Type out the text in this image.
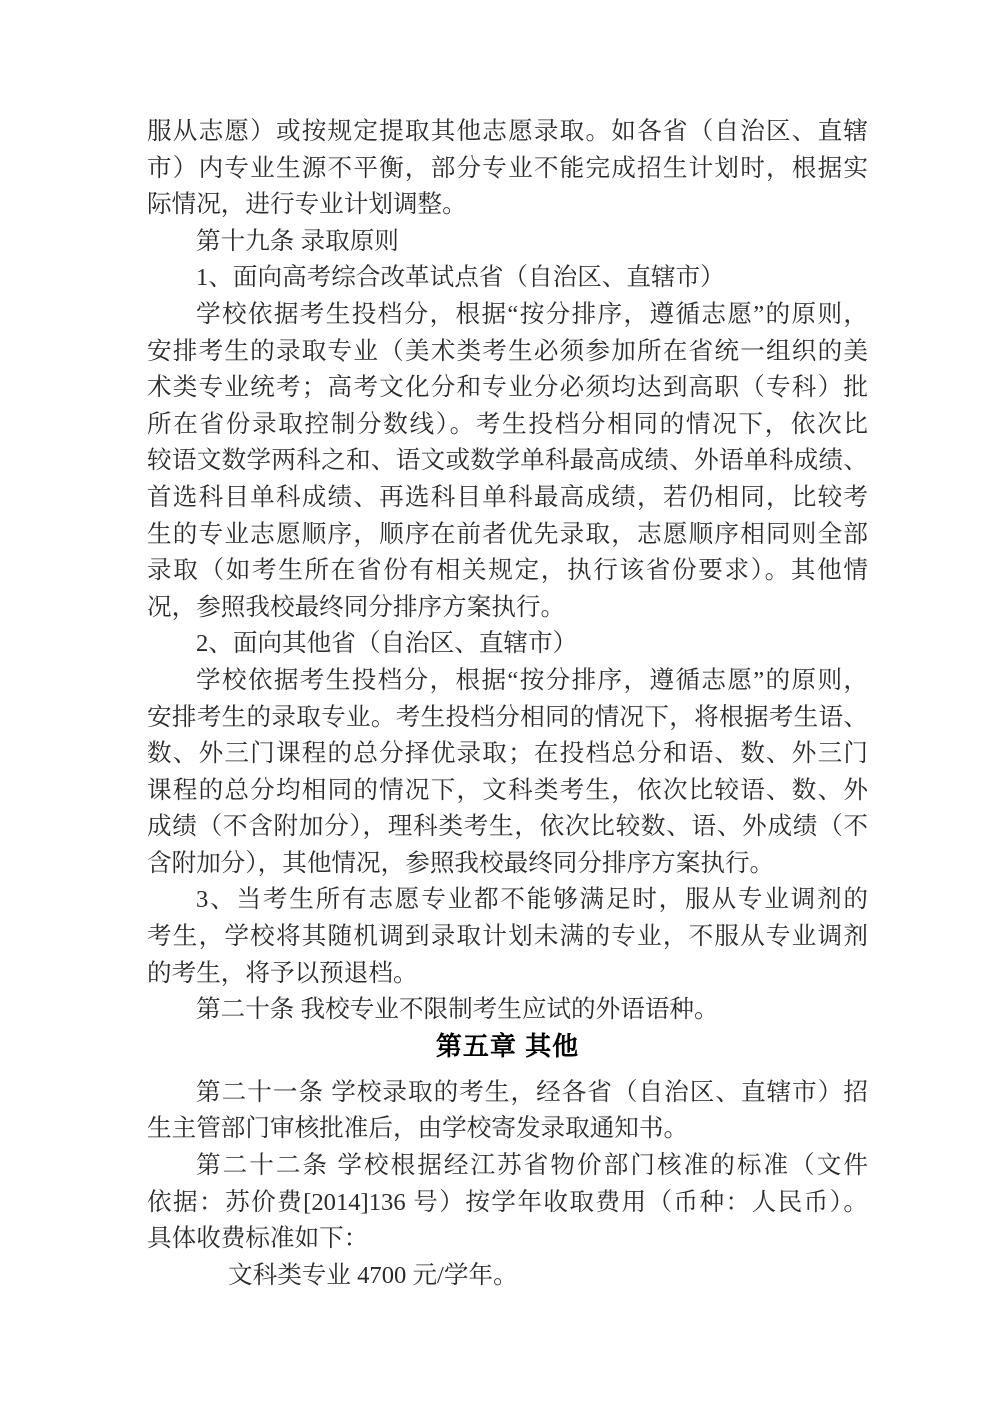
服从志愿）或按规定提取其他志愿录取。如各省（自治区、直辖
市）内专业生源不平衡，部分专业不能完成招生计划时，根据实
际情况，进行专业计划调整。
第十九条 录取原则
1、面向高考综合改革试点省（自治区、直辖市）
学校依据考生投档分，根据“按分排序，遵循志愿”的原则，
安排考生的录取专业（美术类考生必须参加所在省统一组织的美
术类专业统考；高考文化分和专业分必须均达到高职（专科）批
所在省份录取控制分数线）。考生投档分相同的情况下，依次比
较语文数学两科之和、语文或数学单科最高成绩、外语单科成绩、
首选科目单科成绩、再选科目单科最高成绩，若仍相同，比较考
生的专业志愿顺序，顺序在前者优先录取，志愿顺序相同则全部
录取（如考生所在省份有相关规定，执行该省份要求）。其他情
况，参照我校最终同分排序方案执行。
2、面向其他省（自治区、直辖市）
学校依据考生投档分，根据“按分排序，遵循志愿”的原则，
安排考生的录取专业。考生投档分相同的情况下，将根据考生语、
数、外三门课程的总分择优录取；在投档总分和语、数、外三门
课程的总分均相同的情况下，文科类考生，依次比较语、数、外
成绩（不含附加分），理科类考生，依次比较数、语、外成绩（不
含附加分），其他情况，参照我校最终同分排序方案执行。
3、当考生所有志愿专业都不能够满足时，服从专业调剂的
考生，学校将其随机调到录取计划未满的专业，不服从专业调剂
的考生，将予以预退档。
第二十条 我校专业不限制考生应试的外语语种。
第五章 其他
第二十一条 学校录取的考生，经各省（自治区、直辖市）招
生主管部门审核批准后，由学校寄发录取通知书。
第二十二条 学校根据经江苏省物价部门核准的标准（文件
依据：苏价费[2014]136 号）按学年收取费用（币种：人民币）。
具体收费标准如下：
文科类专业 4700 元/学年。
